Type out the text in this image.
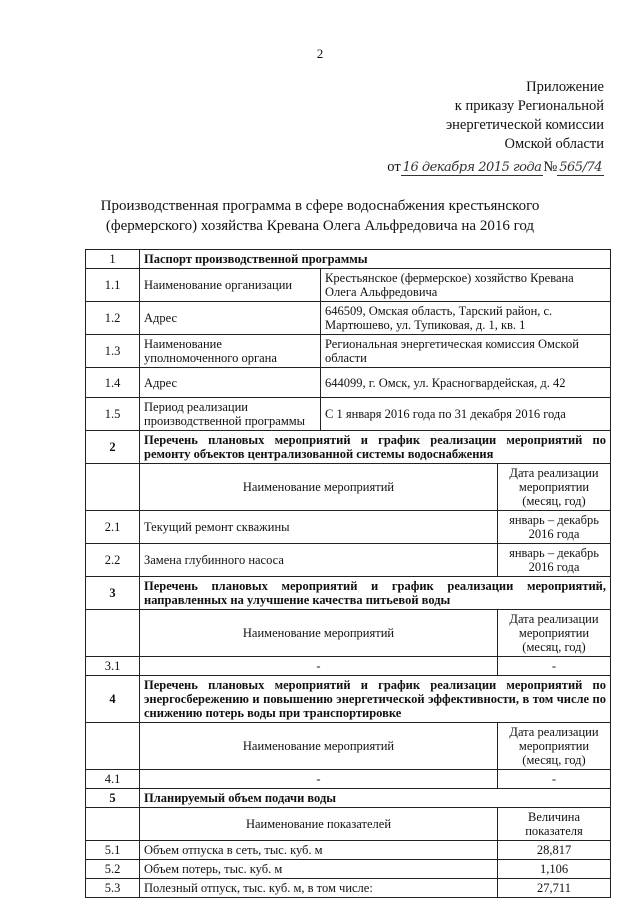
2
Приложение
к приказу Региональной
энергетической комиссии
Омской области
от 16 декабря 2015 года № 565/74
Производственная программа в сфере водоснабжения крестьянского
(фермерского) хозяйства Кревана Олега Альфредовича на 2016 год
1	Паспорт производственной программы		
1.1	Наименование организации	Крестьянское (фермерское) хозяйство Кревана Олега Альфредовича	
1.2	Адрес	646509, Омская область, Тарский район, с. Мартюшево, ул. Тупиковая, д. 1, кв. 1	
1.3	Наименование уполномоченного органа	Региональная энергетическая комиссия Омской области	
1.4	Адрес	644099, г. Омск, ул. Красногвардейская, д. 42	
1.5	Период реализации производственной программы	С 1 января 2016 года по 31 декабря 2016 года	
2	Перечень плановых мероприятий и график реализации мероприятий по ремонту объектов централизованной системы водоснабжения		
	Наименование мероприятий		Дата реализации мероприятии (месяц, год)
2.1	Текущий ремонт скважины		январь – декабрь 2016 года
2.2	Замена глубинного насоса		январь – декабрь 2016 года
3	Перечень плановых мероприятий и график реализации мероприятий, направленных на улучшение качества питьевой воды		
	Наименование мероприятий		Дата реализации мероприятии (месяц, год)
3.1	-		-
4	Перечень плановых мероприятий и график реализации мероприятий по энергосбережению и повышению энергетической эффективности, в том числе по снижению потерь воды при транспортировке		
	Наименование мероприятий		Дата реализации мероприятии (месяц, год)
4.1	-		-
5	Планируемый объем подачи воды		
	Наименование показателей		Величина показателя
5.1	Объем отпуска в сеть, тыс. куб. м		28,817
5.2	Объем потерь, тыс. куб. м		1,106
5.3	Полезный отпуск, тыс. куб. м, в том числе:		27,711
